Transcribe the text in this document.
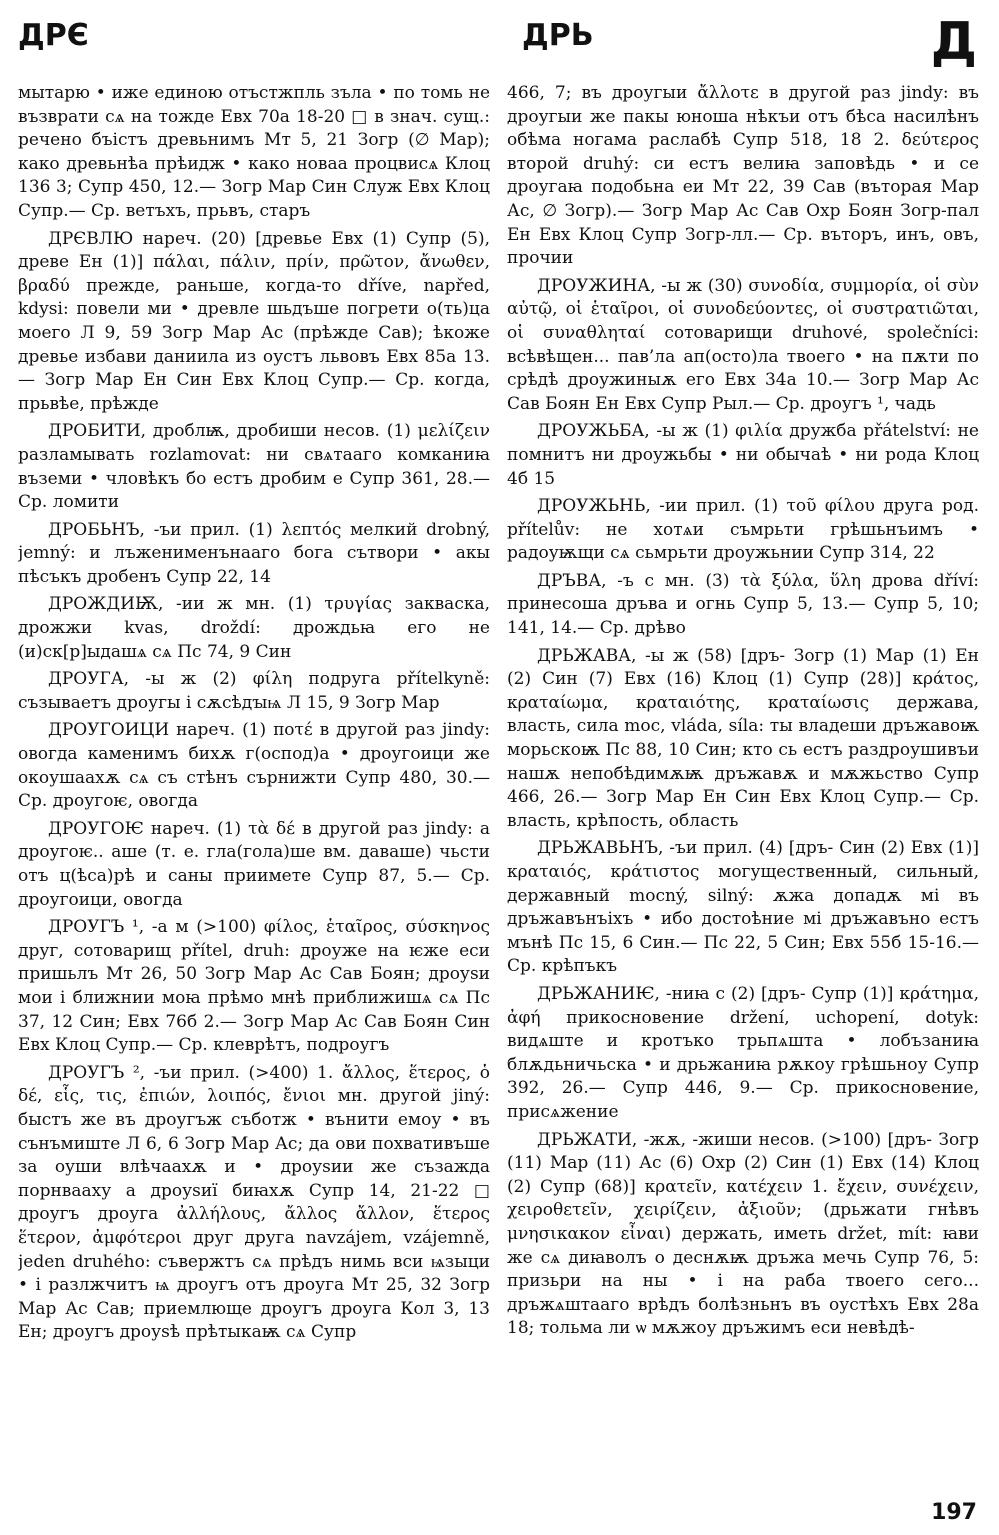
ДРЄ	ДРЬ	Д

мытарю • иже единою отъстжпль зъла • по томь не възврати сѧ на тожде Евх 70а 18-20 □ в знач. сущ.: речено бъістъ древьнимъ Мт 5, 21 Зогр (∅ Мар); како древьнѣа прѣидж • како новаа процвисѧ Клоц 136 3; Супр 450, 12.— Зогр Мар Син Служ Евх Клоц Супр.— Ср. ветъхъ, прьвъ, старъ

ДРЄВЛЮ нареч. (20) [древье Евх (1) Супр (5), древе Ен (1)] πάλαι, πάλιν, πρίν, πρῶτον, ἄνωθεν, βραδύ прежде, раньше, когда-то dříve, napřed, kdysi: повели ми • древле шьдъше погрети о(ть)ца моего Л 9, 59 Зогр Мар Ас (прѣжде Сав); ѣкоже древье избави даниила из оустъ львовъ Евх 85а 13.— Зогр Мар Ен Син Евх Клоц Супр.— Ср. когда, прьвѣе, прѣжде

ДРОБИТИ, дроблѭ, дробиши несов. (1) μελίζειν разламывать rozlamovat: ни свѧтаагo комканиꙗ въземи • чловѣкъ бо естъ дробим е Супр 361, 28.— Ср. ломити

ДРОБЬНЪ, -ъи прил. (1) λεπτός мелкий drobný, jemný: и лъженименънаагo бога сътвори • акы пѣсъкъ дробенъ Супр 22, 14

ДРОЖДИѬ, -ии ж мн. (1) τρυγίας закваска, дрожжи kvas, droždí: дрождьꙗ его не (и)ск[р]ыдашѧ сѧ Пс 74, 9 Син

ДРОУГА, -ы ж (2) φίλη подруга přítelkyně: съзываетъ дроугы і сѫсѣдꙑѩ Л 15, 9 Зогр Мар

ДРОУГОИЦИ нареч. (1) ποτέ в другой раз jindy: овогда каменимъ бихѫ г(оспод)а • дроугоици же окоушаахѫ сѧ съ стѣнъ сърнижти Супр 480, 30.— Ср. дроугоѥ, овогда

ДРОУГОѤ нареч. (1) τὰ δέ в другой раз jindy: а дроугоѥ.. аше (т. е. гла(гола)ше вм. даваше) чьсти отъ ц(ѣса)рѣ и саны приимете Супр 87, 5.— Ср. дроугоици, овогда

ДРОУГЪ ¹, -а м (>100) φίλος, ἑταῖρος, σύσκηνος друг, сотоварищ přítel, druh: дроуже на ѥже еси пришьлъ Мт 26, 50 Зогр Мар Ас Сав Боян; дроуѕи мои і ближнии моꙗ прѣмо мнѣ приближишѧ сѧ Пс 37, 12 Син; Евх 76б 2.— Зогр Мар Ас Сав Боян Син Евх Клоц Супр.— Ср. клеврѣтъ, подроугъ

ДРОУГЪ ², -ъи прил. (>400) 1. ἄλλος, ἕτερος, ὁ δέ, εἷς, τις, ἐπιών, λοιπός, ἔνιοι мн. другой jiný: быстъ же въ дроугъж съботж • вънити емоу • въ сънъмиште Л 6, 6 Зогр Мар Ас; да ови похвативъше за оуши влѣчаахѫ и • дроуѕии же съзажда порнвааху а дроуѕиї биꙗхѫ Супр 14, 21-22 □ дроугъ дроуга ἀλλήλους, ἄλλος ἄλλον, ἕτερος ἕτερον, ἀμφότεροι друг друга navzájem, vzájemně, jeden druhého: съвержтъ сѧ прѣдъ нимь вси ѩзыци • і разлжчитъ ѩ дроугъ отъ дроуга Мт 25, 32 Зогр Мар Ас Сав; приемлюще дроугъ дроуга Кол 3, 13 Ен; дроугъ дроуѕѣ прѣтыкаѭ сѧ Супр

466, 7; въ дроугыи ἄλλοτε в другой раз jindy: въ дроугыи же пакы юноша нѣкъи отъ бѣса насилѣнъ обѣма ногама раслабѣ Супр 518, 18 2. δεύτερος второй druhý: си естъ велиꙗ заповѣдь • и се дроугаꙗ подобьна еи Мт 22, 39 Сав (въторая Мар Ас, ∅ Зогр).— Зогр Мар Ас Сав Охр Боян Зогр-пал Ен Евх Клоц Супр Зогр-лл.— Ср. въторъ, инъ, овъ, прочии

ДРОУЖИНА, -ы ж (30) συνοδία, συμμορία, οἱ σὺν αὐτῷ, οἱ ἑταῖροι, οἱ συνοδεύοντες, οἱ συστρατιῶται, οἱ συναθληταί сотоварищи druhové, společníci: всѣвѣщен... пав’ла ап(осто)ла твоего • на пѫти по срѣдѣ дроужиныѫ его Евх 34а 10.— Зогр Мар Ас Сав Боян Ен Евх Супр Рыл.— Ср. дроугъ ¹, чадь

ДРОУЖЬБА, -ы ж (1) φιλία дружба přátelství: не помнитъ ни дроужьбы • ни обычаѣ • ни рода Клоц 4б 15

ДРОУЖЬНЬ, -ии прил. (1) τοῦ φίλου друга род. přítelův: не хотѧи съмрьти грѣшьнъимъ • радоуѭщи сѧ сьмрьти дроужьнии Супр 314, 22

ДРЪВА, -ъ с мн. (3) τὰ ξύλα, ὕλη дрова dříví: принесоша дръва и огнь Супр 5, 13.— Супр 5, 10; 141, 14.— Ср. дрѣво

ДРЬЖАВА, -ы ж (58) [дръ- Зогр (1) Мар (1) Ен (2) Син (7) Евх (16) Клоц (1) Супр (28)] κράτος, κραταίωμα, κραταιότης, κραταίωσις держава, власть, сила moc, vláda, síla: ты владеши дръжавоѭ морьскоѭ Пс 88, 10 Син; кто сь естъ раздроушивъи нашѫ непобѣдимѫѭ дръжавѫ и мѫжьство Супр 466, 26.— Зогр Мар Ен Син Евх Клоц Супр.— Ср. власть, крѣпость, область

ДРЬЖАВЬНЪ, -ъи прил. (4) [дръ- Син (2) Евх (1)] κραταιός, κράτιστος могущественный, сильный, державный mocný, silný: ѫжа допадѫ мі въ дръжавънъіхъ • ибо достоѣние мі дръжавъно естъ мънѣ Пс 15, 6 Син.— Пс 22, 5 Син; Евх 55б 15-16.— Ср. крѣпъкъ

ДРЬЖАНИѤ, -ниꙗ с (2) [дръ- Супр (1)] κράτημα, ἀφή прикосновение držení, uchopení, dotyk: видѧште и кротъко трьпѧшта • лобъзаниꙗ блѫдьничьска • и дрьжаниꙗ рѫкоу грѣшьноу Супр 392, 26.— Супр 446, 9.— Ср. прикосновение, присѧжение

ДРЬЖАТИ, -жѫ, -жиши несов. (>100) [дръ- Зогр (11) Мар (11) Ас (6) Охр (2) Син (1) Евх (14) Клоц (2) Супр (68)] κρατεῖν, κατέχειν 1. ἔχειν, συνέχειν, χειροθετεῖν, χειρίζειν, ἀξιοῦν; (дрьжати гнѣвъ μνησικακον εἶναι) держать, иметь držet, mít: ꙗви же сѧ диꙗволъ о деснѫѭ дръжа мечь Супр 76, 5: призьри на ны • і на раба твоего сего... дръжѧштааго врѣдъ болѣзньнъ въ оустѣхъ Евх 28а 18; тольма ли ѡ мѫжоу дръжимъ еси невѣдѣ-

197
